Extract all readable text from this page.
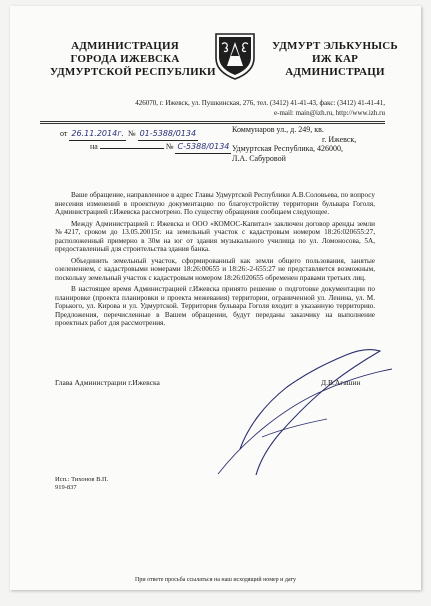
АДМИНИСТРАЦИЯ
ГОРОДА ИЖЕВСКА
УДМУРТСКОЙ РЕСПУБЛИКИ
УДМУРТ ЭЛЬКУНЫСЬ
ИЖ КАР
АДМИНИСТРАЦИ
426070, г. Ижевск, ул. Пушкинская, 276, тел. (3412) 41-41-43, факс: (3412) 41-41-41,
e-mail: main@izh.ru, http://www.izh.ru
от 26.11.2014г. № 01-5388/0134
на	№ С-5388/0134
Коммунаров ул., д. 249, кв.
г. Ижевск,
Удмуртская Республика, 426000,
Л.А. Сабуровой

Ваше обращение, направленное в адрес Главы Удмуртской Республики А.В.Соловьева, по вопросу внесения изменений в проектную документацию по благоустройству территории бульвара Гоголя, Администрацией г.Ижевска рассмотрено. По существу обращения сообщаем следующее.

Между Администрацией г. Ижевска и ООО «КОМОС-Капитал» заключен договор аренды земли №4217, сроком до 13.05.20015г. на земельный участок с кадастровым номером 18:26:020655:27, расположенный примерно в 30м на юг от здания музыкального училища по ул. Ломоносова, 5А, предоставленный для строительства здания банка.

Объединить земельный участок, сформированный как земли общего пользования, занятые озеленением, с кадастровыми номерами 18:26:00655 и 18:26:-2-655:27 не представляется возможным, поскольку земельный участок с кадастровым номером 18:26:020655 обременен правами третьих лиц.

В настоящее время Администрацией г.Ижевска принято решение о подготовке документации по планировке (проекта планировки и проекта межевания) территории, ограниченной ул. Ленина, ул. М. Горького, ул. Кирова и ул. Удмуртской. Территория бульвара Гоголя входит в указанную территорию. Предложения, перечисленные в Вашем обращении, будут переданы заказчику на выполнение проектных работ для рассмотрения.

Глава Администрации г.Ижевска	Д.В.Агашин
Исп.: Тихонов В.П.
919-837
При ответе просьба ссылаться на наш исходящий номер и дату
